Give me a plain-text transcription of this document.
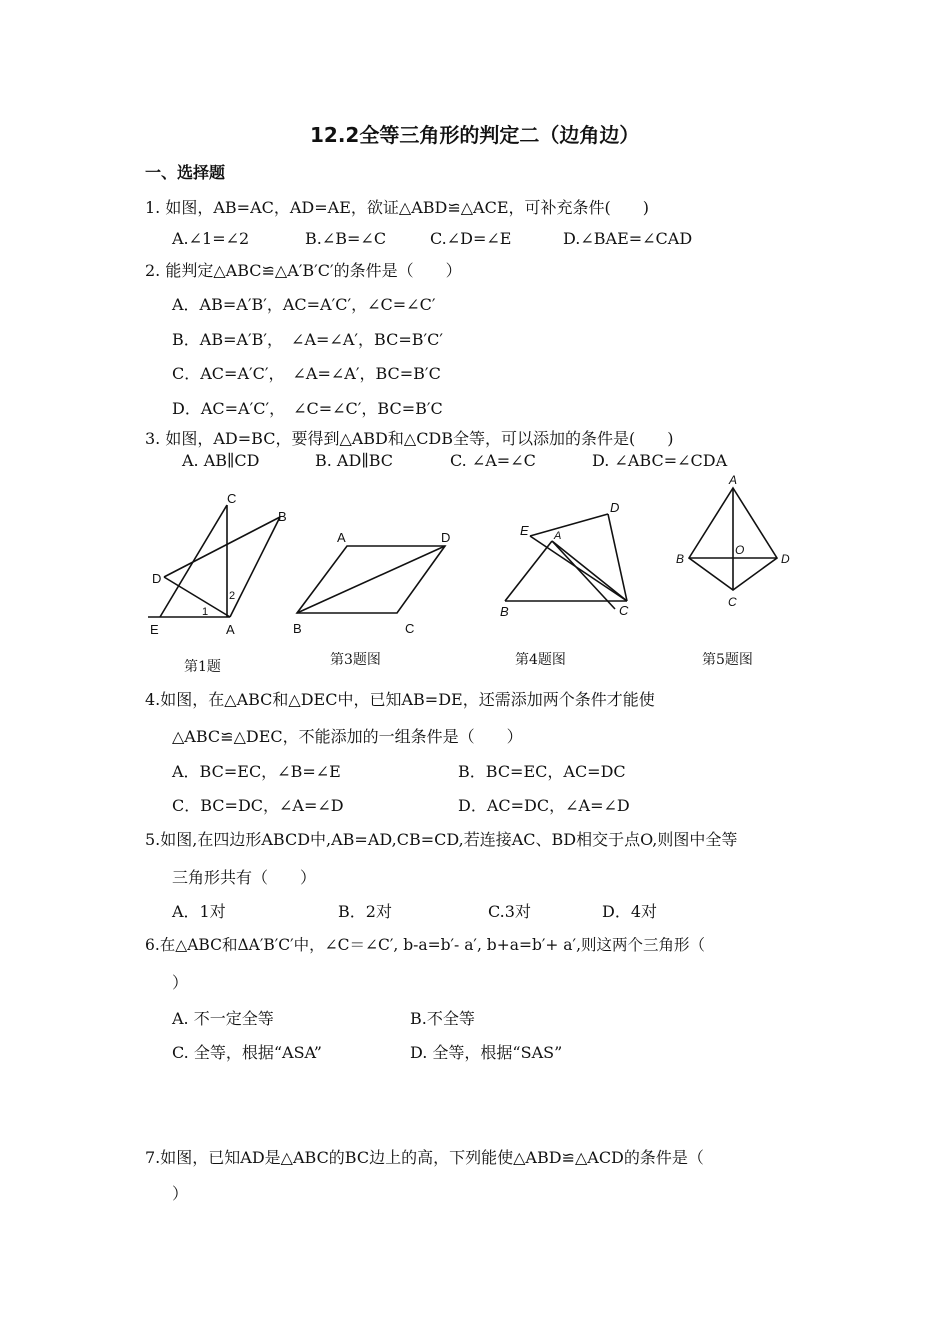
12.2全等三角形的判定二（边角边）
一、选择题
1. 如图，AB=AC，AD=AE，欲证△ABD≌△ACE，可补充条件(　　)
A.∠1=∠2	B.∠B=∠C	C.∠D=∠E	D.∠BAE=∠CAD
2. 能判定△ABC≌△A′B′C′的条件是（　　）
A．AB=A′B′，AC=A′C′，∠C=∠C′
B．AB=A′B′，　∠A=∠A′，BC=B′C′
C．AC=A′C′，　∠A=∠A′，BC=B′C
D．AC=A′C′，　∠C=∠C′，BC=B′C
3. 如图，AD=BC，要得到△ABD和△CDB全等，可以添加的条件是(　　)
A. AB∥CD	B. AD∥BC	C. ∠A=∠C	D. ∠ABC=∠CDA
C
B
D
E	A
1
2
A	D
B	C
E A
D
B	C
A
B
O
D
C
第1题	第3题图	第4题图	第5题图
4.如图，在△ABC和△DEC中，已知AB=DE，还需添加两个条件才能使
△ABC≌△DEC，不能添加的一组条件是（　　）
A．BC=EC，∠B=∠E	B．BC=EC，AC=DC
C．BC=DC，∠A=∠D	D．AC=DC，∠A=∠D
5.如图,在四边形ABCD中,AB=AD,CB=CD,若连接AC、BD相交于点O,则图中全等
三角形共有（　　）
A．1对	B．2对	C.3对	D．4对
6.在△ABC和ΔA′B′C′中，∠C＝∠C′, b-a=b′- a′, b+a=b′+ a′,则这两个三角形（
）
A. 不一定全等	B.不全等
C. 全等，根据“ASA”	D. 全等，根据“SAS”
7.如图，已知AD是△ABC的BC边上的高，下列能使△ABD≌△ACD的条件是（
）
